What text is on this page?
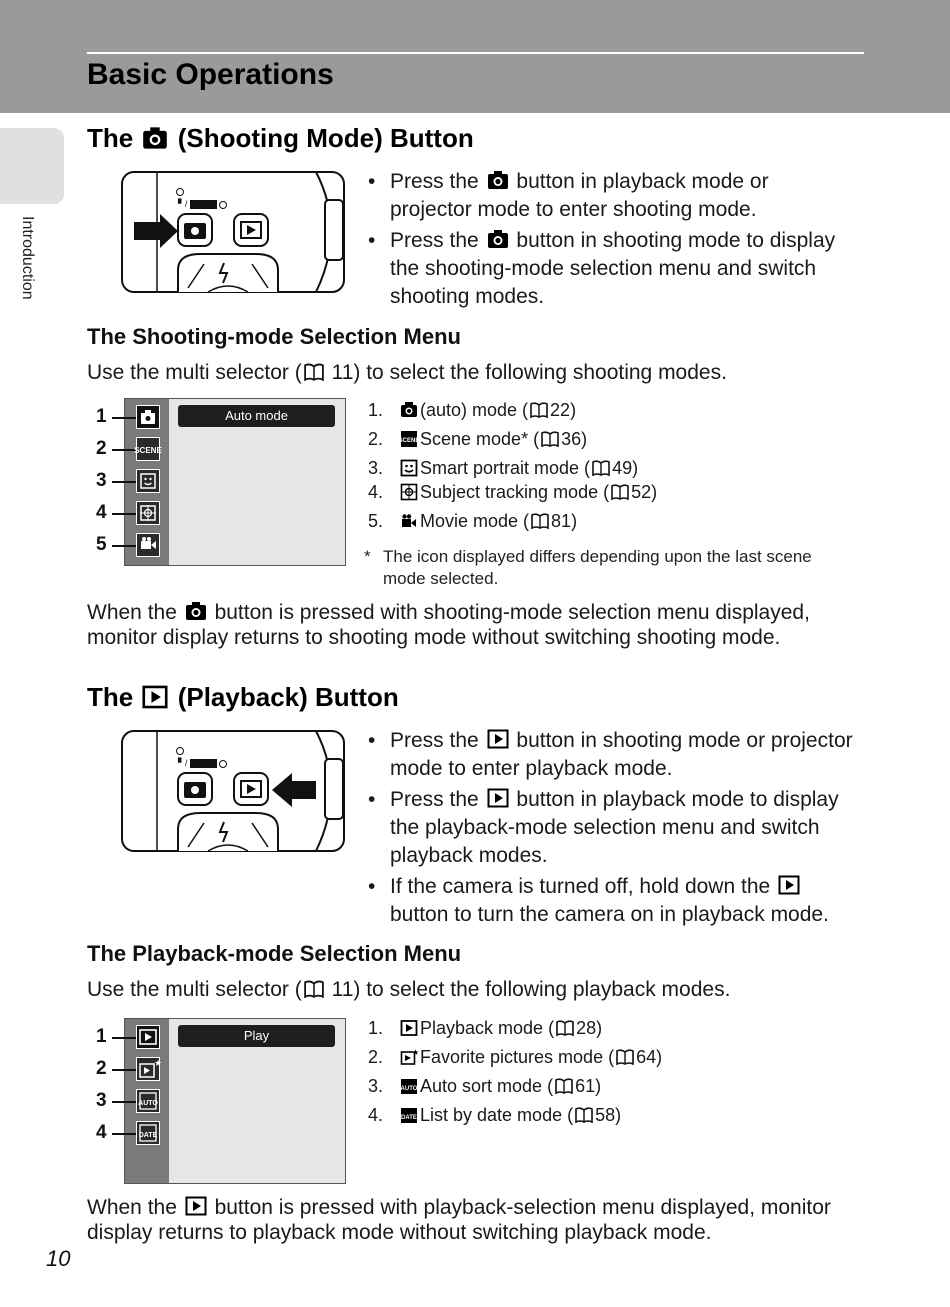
Basic Operations
Introduction
The (Shooting Mode) Button
▘/
• Press the button in playback mode or projector mode to enter shooting mode.
• Press the button in shooting mode to display the shooting-mode selection menu and switch shooting modes.
The Shooting-mode Selection Menu
Use the multi selector ( 11) to select the following shooting modes.
Auto mode
1
2
3
4
5
SCENE
1. (auto) mode ( 22)
2.	SCENE Scene mode* ( 36)
3. Smart portrait mode ( 49)
4. Subject tracking mode ( 52)
5. Movie mode ( 81)
* The icon displayed differs depending upon the last scene mode selected.
When the button is pressed with shooting-mode selection menu displayed, monitor display returns to shooting mode without switching shooting mode.
The (Playback) Button
▘/
• Press the button in shooting mode or projector mode to enter playback mode.
• Press the button in playback mode to display the playback-mode selection menu and switch playback modes.
• If the camera is turned off, hold down the  button to turn the camera on in playback mode.
The Playback-mode Selection Menu
Use the multi selector ( 11) to select the following playback modes.
Play
1
2
3
4
★
AUTO
DATE
1. Playback mode ( 28)
2.	★ Favorite pictures mode ( 64)
3.	AUTO Auto sort mode ( 61)
4.	DATE List by date mode ( 58)
When the button is pressed with playback-selection menu displayed, monitor display returns to playback mode without switching playback mode.
10
